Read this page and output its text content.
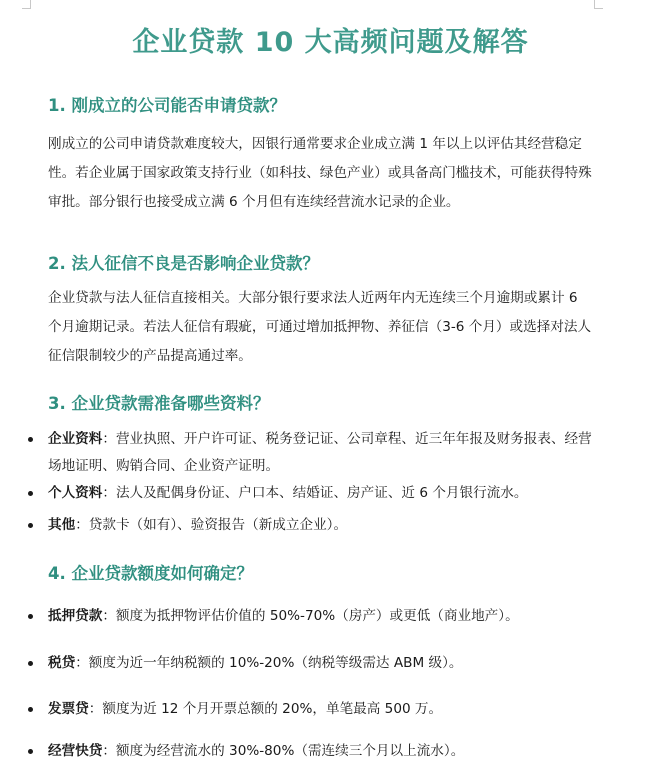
企业贷款 10 大高频问题及解答
1. 刚成立的公司能否申请贷款？
刚成立的公司申请贷款难度较大，因银行通常要求企业成立满 1 年以上以评估其经营稳定性。若企业属于国家政策支持行业（如科技、绿色产业）或具备高门槛技术，可能获得特殊审批。部分银行也接受成立满 6 个月但有连续经营流水记录的企业。
2. 法人征信不良是否影响企业贷款？
企业贷款与法人征信直接相关。大部分银行要求法人近两年内无连续三个月逾期或累计 6 个月逾期记录。若法人征信有瑕疵，可通过增加抵押物、养征信（3-6 个月）或选择对法人征信限制较少的产品提高通过率。
3. 企业贷款需准备哪些资料？
企业资料：营业执照、开户许可证、税务登记证、公司章程、近三年年报及财务报表、经营场地证明、购销合同、企业资产证明。
个人资料：法人及配偶身份证、户口本、结婚证、房产证、近 6 个月银行流水。
其他：贷款卡（如有）、验资报告（新成立企业）。
4. 企业贷款额度如何确定？
抵押贷款：额度为抵押物评估价值的 50%-70%（房产）或更低（商业地产）。
税贷：额度为近一年纳税额的 10%-20%（纳税等级需达 ABM 级）。
发票贷：额度为近 12 个月开票总额的 20%，单笔最高 500 万。
经营快贷：额度为经营流水的 30%-80%（需连续三个月以上流水）。
